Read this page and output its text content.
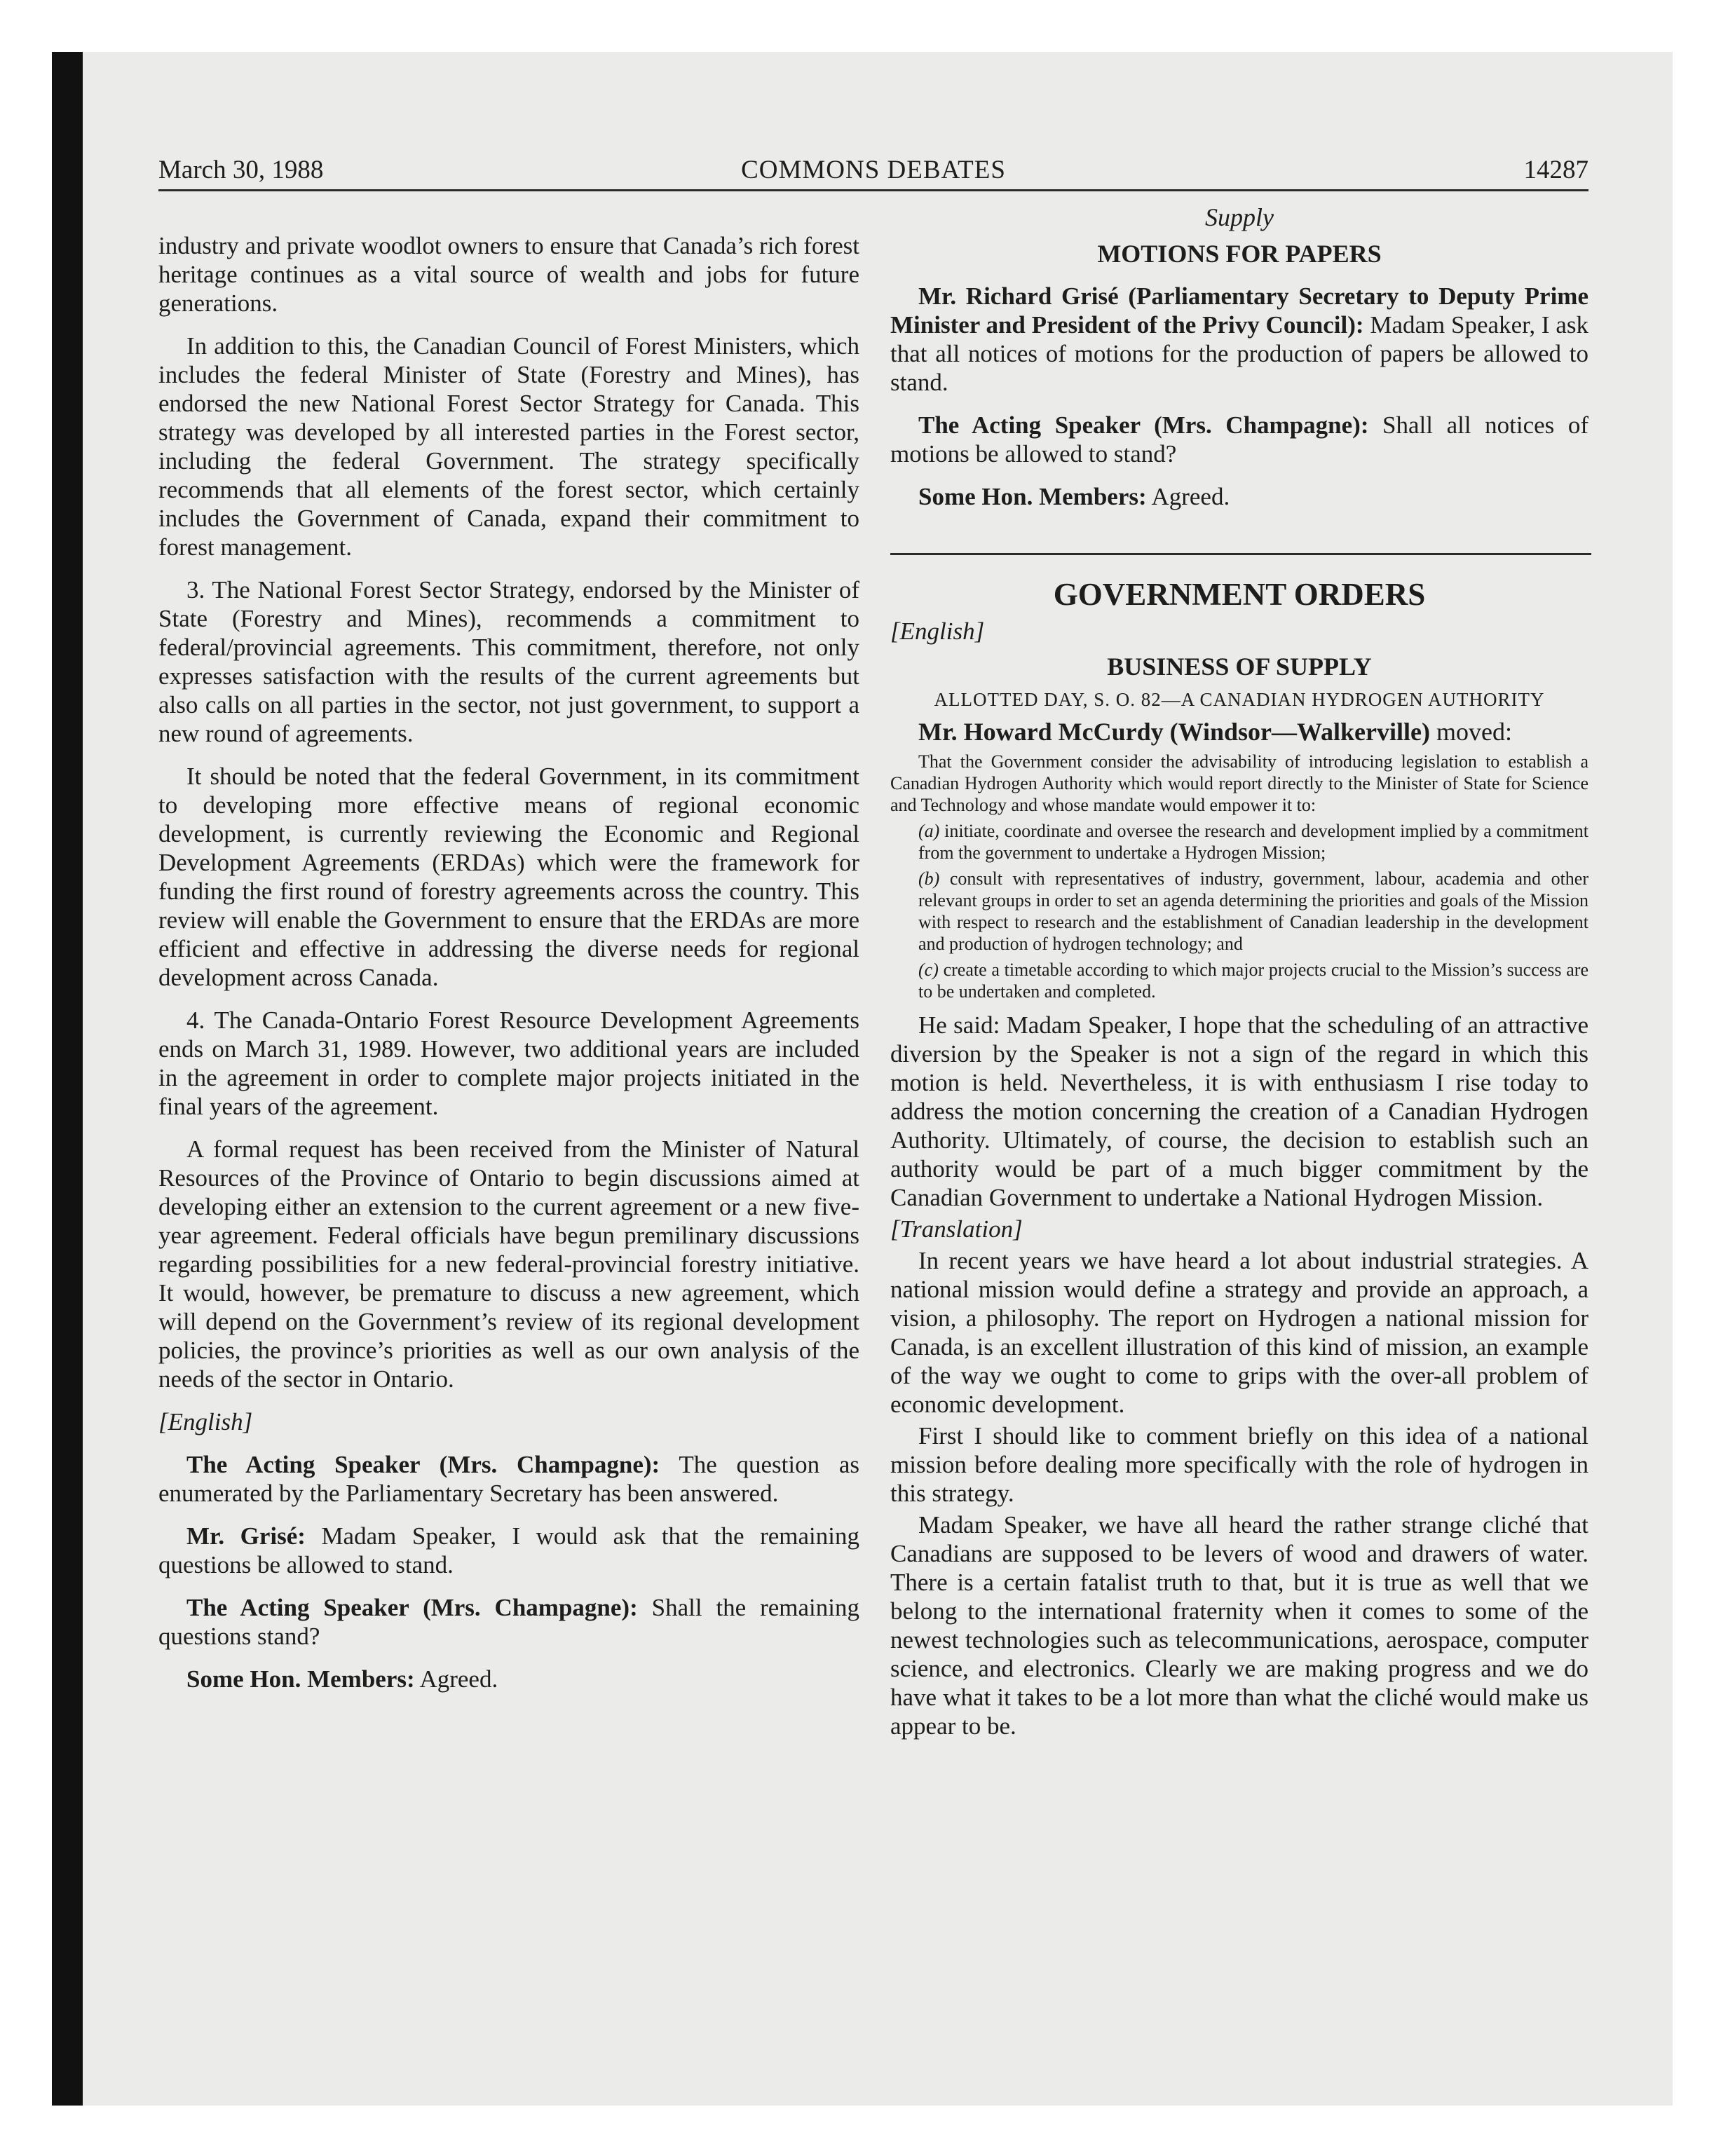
March 30, 1988	COMMONS DEBATES	14287

industry and private woodlot owners to ensure that Canada’s rich forest heritage continues as a vital source of wealth and jobs for future generations.

In addition to this, the Canadian Council of Forest Ministers, which includes the federal Minister of State (Forestry and Mines), has endorsed the new National Forest Sector Strategy for Canada. This strategy was developed by all interested parties in the Forest sector, including the federal Government. The strategy specifically recommends that all elements of the forest sector, which certainly includes the Government of Canada, expand their commitment to forest management.

3. The National Forest Sector Strategy, endorsed by the Minister of State (Forestry and Mines), recommends a commitment to federal/provincial agreements. This commitment, therefore, not only expresses satisfaction with the results of the current agreements but also calls on all parties in the sector, not just government, to support a new round of agreements.

It should be noted that the federal Government, in its commitment to developing more effective means of regional economic development, is currently reviewing the Economic and Regional Development Agreements (ERDAs) which were the framework for funding the first round of forestry agreements across the country. This review will enable the Government to ensure that the ERDAs are more efficient and effective in addressing the diverse needs for regional development across Canada.

4. The Canada-Ontario Forest Resource Development Agreements ends on March 31, 1989. However, two additional years are included in the agreement in order to complete major projects initiated in the final years of the agreement.

A formal request has been received from the Minister of Natural Resources of the Province of Ontario to begin discussions aimed at developing either an extension to the current agreement or a new five-year agreement. Federal officials have begun premilinary discussions regarding possibilities for a new federal-provincial forestry initiative. It would, however, be premature to discuss a new agreement, which will depend on the Government’s review of its regional development policies, the province’s priorities as well as our own analysis of the needs of the sector in Ontario.

[English]

The Acting Speaker (Mrs. Champagne): The question as enumerated by the Parliamentary Secretary has been answered.

Mr. Grisé: Madam Speaker, I would ask that the remaining questions be allowed to stand.

The Acting Speaker (Mrs. Champagne): Shall the remaining questions stand?

Some Hon. Members: Agreed.

Supply

MOTIONS FOR PAPERS

Mr. Richard Grisé (Parliamentary Secretary to Deputy Prime Minister and President of the Privy Council): Madam Speaker, I ask that all notices of motions for the production of papers be allowed to stand.

The Acting Speaker (Mrs. Champagne): Shall all notices of motions be allowed to stand?

Some Hon. Members: Agreed.

GOVERNMENT ORDERS

[English]

BUSINESS OF SUPPLY

ALLOTTED DAY, S. O. 82—A CANADIAN HYDROGEN AUTHORITY

Mr. Howard McCurdy (Windsor—Walkerville) moved:

That the Government consider the advisability of introducing legislation to establish a Canadian Hydrogen Authority which would report directly to the Minister of State for Science and Technology and whose mandate would empower it to:

(a) initiate, coordinate and oversee the research and development implied by a commitment from the government to undertake a Hydrogen Mission;

(b) consult with representatives of industry, government, labour, academia and other relevant groups in order to set an agenda determining the priorities and goals of the Mission with respect to research and the establishment of Canadian leadership in the development and production of hydrogen technology; and

(c) create a timetable according to which major projects crucial to the Mission’s success are to be undertaken and completed.

He said: Madam Speaker, I hope that the scheduling of an attractive diversion by the Speaker is not a sign of the regard in which this motion is held. Nevertheless, it is with enthusiasm I rise today to address the motion concerning the creation of a Canadian Hydrogen Authority. Ultimately, of course, the decision to establish such an authority would be part of a much bigger commitment by the Canadian Government to undertake a National Hydrogen Mission.

[Translation]

In recent years we have heard a lot about industrial strategies. A national mission would define a strategy and provide an approach, a vision, a philosophy. The report on Hydrogen a national mission for Canada, is an excellent illustration of this kind of mission, an example of the way we ought to come to grips with the over-all problem of economic development.

First I should like to comment briefly on this idea of a national mission before dealing more specifically with the role of hydrogen in this strategy.

Madam Speaker, we have all heard the rather strange cliché that Canadians are supposed to be levers of wood and drawers of water. There is a certain fatalist truth to that, but it is true as well that we belong to the international fraternity when it comes to some of the newest technologies such as telecommunications, aerospace, computer science, and electronics. Clearly we are making progress and we do have what it takes to be a lot more than what the cliché would make us appear to be.
